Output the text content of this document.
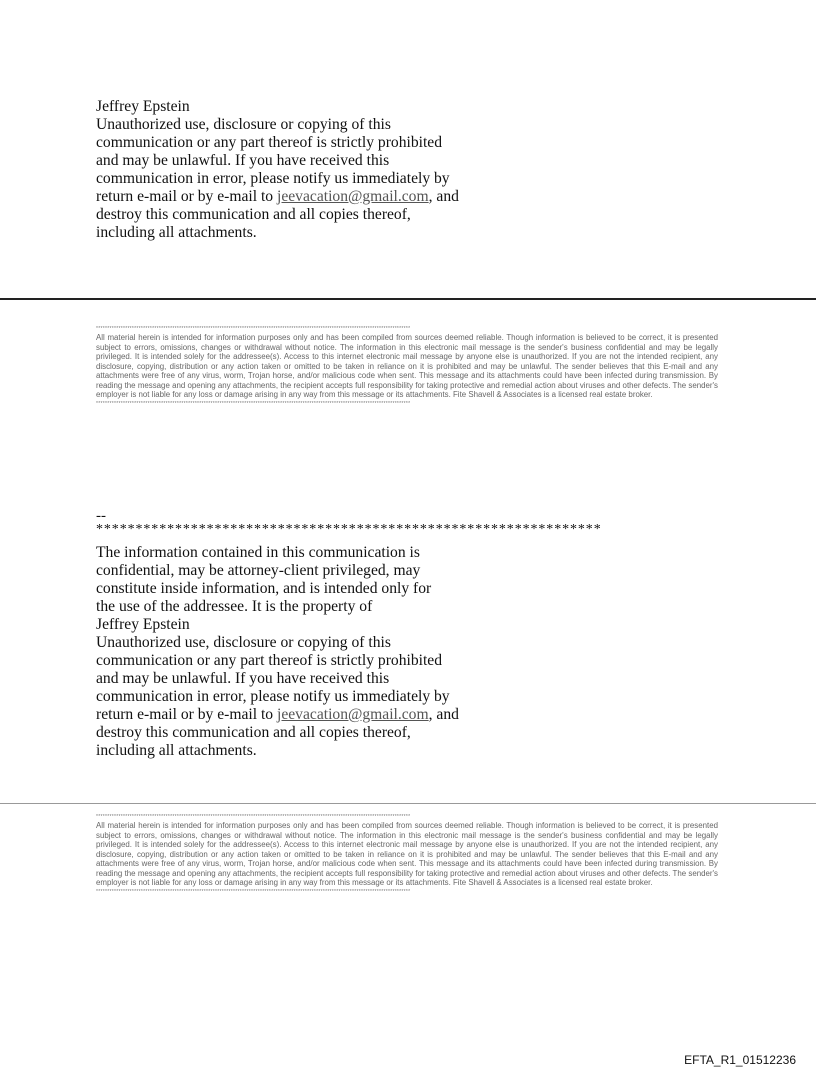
Jeffrey Epstein
Unauthorized use, disclosure or copying of this
communication or any part thereof is strictly prohibited
and may be unlawful. If you have received this
communication in error, please notify us immediately by
return e-mail or by e-mail to jeevacation@gmail.com, and
destroy this communication and all copies thereof,
including all attachments.
********************************************************************************************************************************************
All material herein is intended for information purposes only and has been compiled from sources deemed reliable. Though information is believed to be correct, it is presented subject to errors, omissions, changes or withdrawal without notice. The information in this electronic mail message is the sender's business confidential and may be legally privileged. It is intended solely for the addressee(s). Access to this internet electronic mail message by anyone else is unauthorized. If you are not the intended recipient, any disclosure, copying, distribution or any action taken or omitted to be taken in reliance on it is prohibited and may be unlawful. The sender believes that this E-mail and any attachments were free of any virus, worm, Trojan horse, and/or malicious code when sent. This message and its attachments could have been infected during transmission. By reading the message and opening any attachments, the recipient accepts full responsibility for taking protective and remedial action about viruses and other defects. The sender's employer is not liable for any loss or damage arising in any way from this message or its attachments. Fite Shavell & Associates is a licensed real estate broker.
********************************************************************************************************************************************
--
****************************************************************
The information contained in this communication is
confidential, may be attorney-client privileged, may
constitute inside information, and is intended only for
the use of the addressee. It is the property of
Jeffrey Epstein
Unauthorized use, disclosure or copying of this
communication or any part thereof is strictly prohibited
and may be unlawful. If you have received this
communication in error, please notify us immediately by
return e-mail or by e-mail to jeevacation@gmail.com, and
destroy this communication and all copies thereof,
including all attachments.
********************************************************************************************************************************************
All material herein is intended for information purposes only and has been compiled from sources deemed reliable. Though information is believed to be correct, it is presented subject to errors, omissions, changes or withdrawal without notice. The information in this electronic mail message is the sender's business confidential and may be legally privileged. It is intended solely for the addressee(s). Access to this internet electronic mail message by anyone else is unauthorized. If you are not the intended recipient, any disclosure, copying, distribution or any action taken or omitted to be taken in reliance on it is prohibited and may be unlawful. The sender believes that this E-mail and any attachments were free of any virus, worm, Trojan horse, and/or malicious code when sent. This message and its attachments could have been infected during transmission. By reading the message and opening any attachments, the recipient accepts full responsibility for taking protective and remedial action about viruses and other defects. The sender's employer is not liable for any loss or damage arising in any way from this message or its attachments. Fite Shavell & Associates is a licensed real estate broker.
********************************************************************************************************************************************
EFTA_R1_01512236
